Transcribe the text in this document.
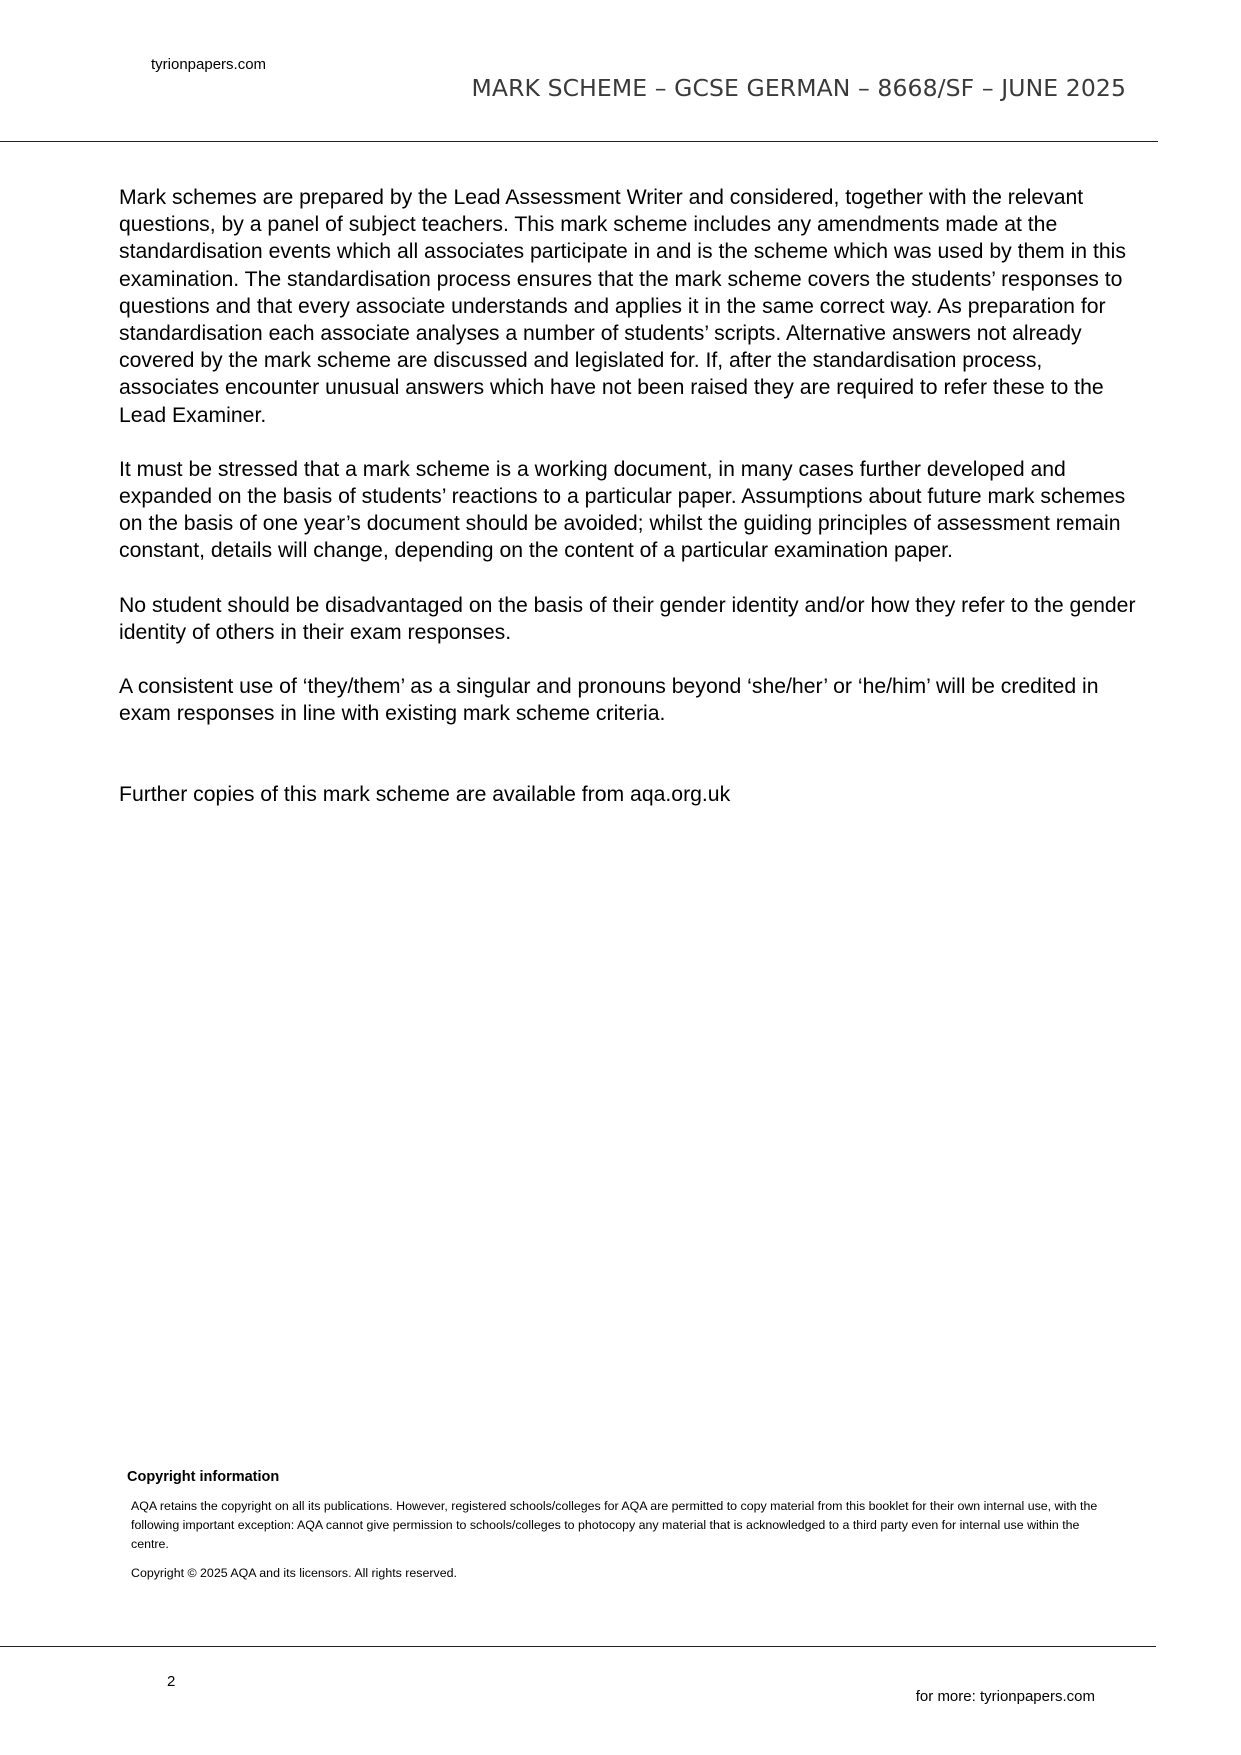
tyrionpapers.com
MARK SCHEME – GCSE GERMAN – 8668/SF – JUNE 2025

Mark schemes are prepared by the Lead Assessment Writer and considered, together with the relevant questions, by a panel of subject teachers. This mark scheme includes any amendments made at the standardisation events which all associates participate in and is the scheme which was used by them in this examination. The standardisation process ensures that the mark scheme covers the students’ responses to questions and that every associate understands and applies it in the same correct way. As preparation for standardisation each associate analyses a number of students’ scripts. Alternative answers not already covered by the mark scheme are discussed and legislated for. If, after the standardisation process, associates encounter unusual answers which have not been raised they are required to refer these to the Lead Examiner.

It must be stressed that a mark scheme is a working document, in many cases further developed and expanded on the basis of students’ reactions to a particular paper. Assumptions about future mark schemes on the basis of one year’s document should be avoided; whilst the guiding principles of assessment remain constant, details will change, depending on the content of a particular examination paper.

No student should be disadvantaged on the basis of their gender identity and/or how they refer to the gender identity of others in their exam responses.

A consistent use of ‘they/them’ as a singular and pronouns beyond ‘she/her’ or ‘he/him’ will be credited in exam responses in line with existing mark scheme criteria.

Further copies of this mark scheme are available from aqa.org.uk

Copyright information

AQA retains the copyright on all its publications. However, registered schools/colleges for AQA are permitted to copy material from this booklet for their own internal use, with the following important exception: AQA cannot give permission to schools/colleges to photocopy any material that is acknowledged to a third party even for internal use within the centre.

Copyright © 2025 AQA and its licensors. All rights reserved.

2
for more: tyrionpapers.com
